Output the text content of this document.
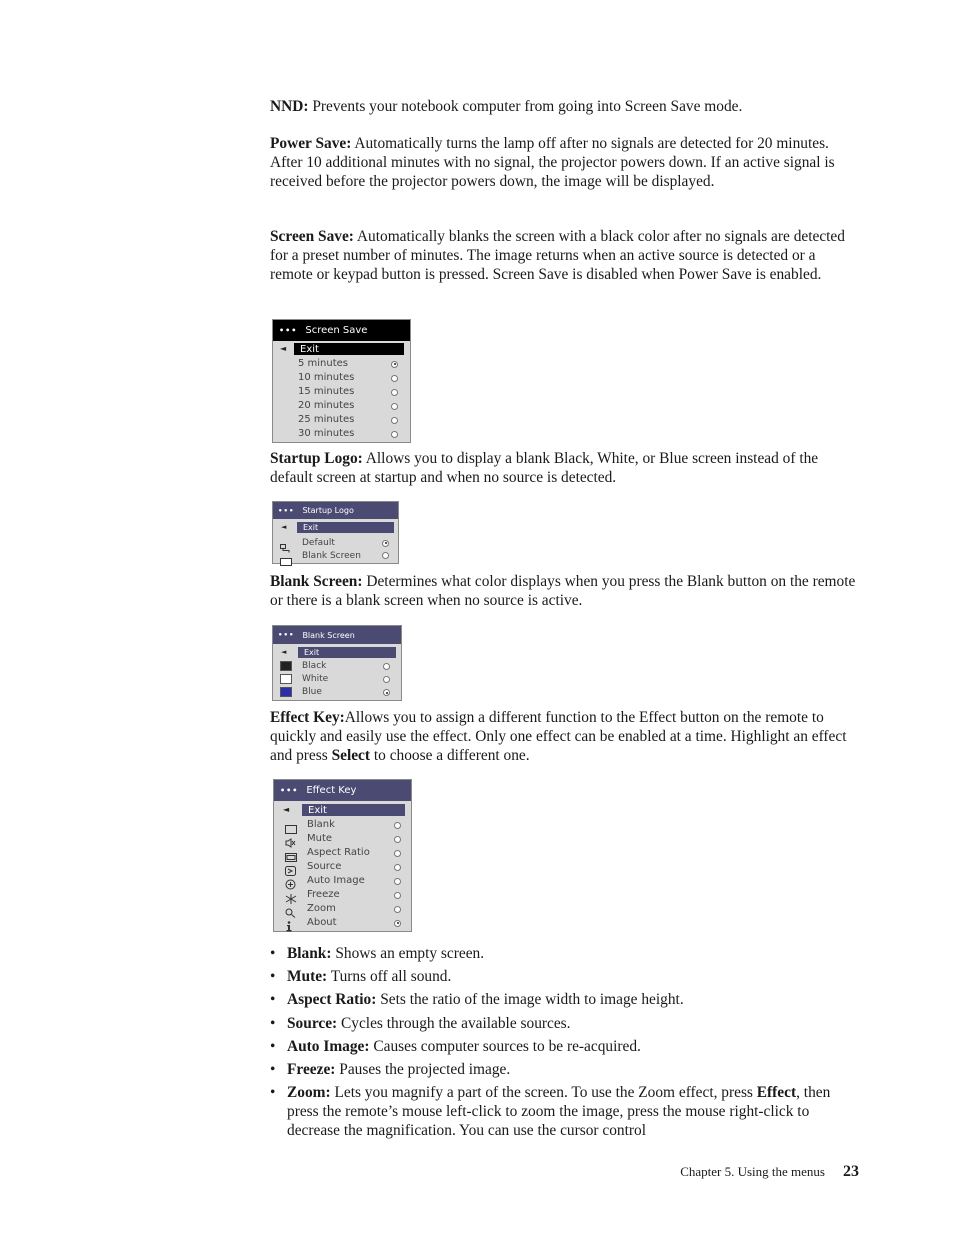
NND: Prevents your notebook computer from going into Screen Save mode.

Power Save: Automatically turns the lamp off after no signals are detected for 20 minutes. After 10 additional minutes with no signal, the projector powers down. If an active signal is received before the projector powers down, the image will be displayed.

Screen Save: Automatically blanks the screen with a black color after no signals are detected for a preset number of minutes. The image returns when an active source is detected or a remote or keypad button is pressed. Screen Save is disabled when Power Save is enabled.

••• Screen Save
◄ Exit
5 minutes
10 minutes
15 minutes
20 minutes
25 minutes
30 minutes

Startup Logo: Allows you to display a blank Black, White, or Blue screen instead of the default screen at startup and when no source is detected.

••• Startup Logo
◄ Exit
Default
Blank Screen

Blank Screen: Determines what color displays when you press the Blank button on the remote or there is a blank screen when no source is active.

••• Blank Screen
◄ Exit
Black
White
Blue

Effect Key:Allows you to assign a different function to the Effect button on the remote to quickly and easily use the effect. Only one effect can be enabled at a time. Highlight an effect and press Select to choose a different one.

••• Effect Key
◄ Exit
Blank
Mute
Aspect Ratio
Source
Auto Image
Freeze
Zoom
About
• Blank: Shows an empty screen.
• Mute: Turns off all sound.
• Aspect Ratio: Sets the ratio of the image width to image height.
• Source: Cycles through the available sources.
• Auto Image: Causes computer sources to be re-acquired.
• Freeze: Pauses the projected image.
• Zoom: Lets you magnify a part of the screen. To use the Zoom effect, press Effect, then press the remote’s mouse left-click to zoom the image, press the mouse right-click to decrease the magnification. You can use the cursor control
Chapter 5. Using the menus 23
